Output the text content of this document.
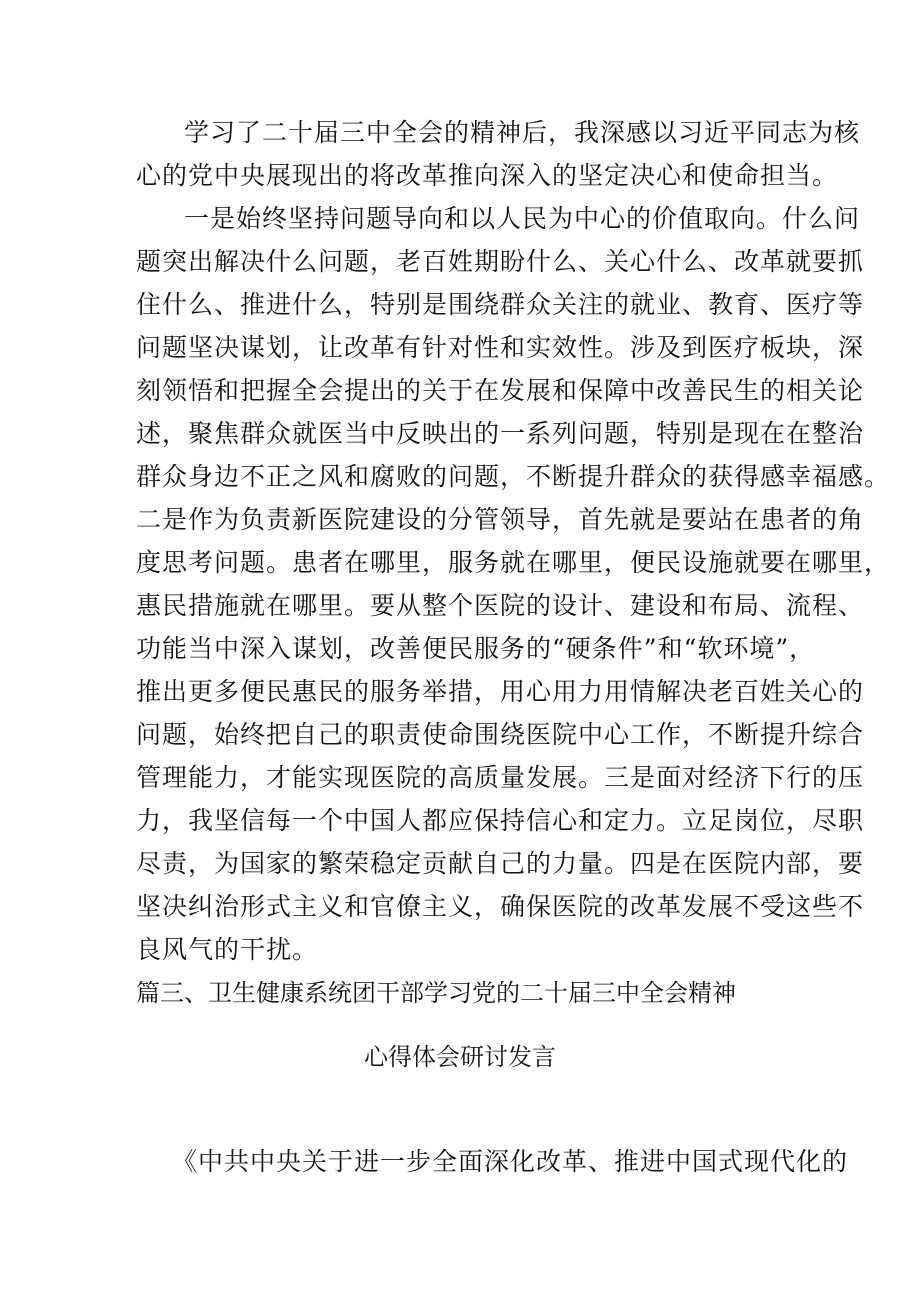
学习了二十届三中全会的精神后，我深感以习近平同志为核
心的党中央展现出的将改革推向深入的坚定决心和使命担当。
一是始终坚持问题导向和以人民为中心的价值取向。什么问
题突出解决什么问题，老百姓期盼什么、关心什么、改革就要抓
住什么、推进什么，特别是围绕群众关注的就业、教育、医疗等
问题坚决谋划，让改革有针对性和实效性。涉及到医疗板块，深
刻领悟和把握全会提出的关于在发展和保障中改善民生的相关论
述，聚焦群众就医当中反映出的一系列问题，特别是现在在整治
群众身边不正之风和腐败的问题，不断提升群众的获得感幸福感。
二是作为负责新医院建设的分管领导，首先就是要站在患者的角
度思考问题。患者在哪里，服务就在哪里，便民设施就要在哪里，
惠民措施就在哪里。要从整个医院的设计、建设和布局、流程、
功能当中深入谋划，改善便民服务的“硬条件”和“软环境”，
推出更多便民惠民的服务举措，用心用力用情解决老百姓关心的
问题，始终把自己的职责使命围绕医院中心工作，不断提升综合
管理能力，才能实现医院的高质量发展。三是面对经济下行的压
力，我坚信每一个中国人都应保持信心和定力。立足岗位，尽职
尽责，为国家的繁荣稳定贡献自己的力量。四是在医院内部，要
坚决纠治形式主义和官僚主义，确保医院的改革发展不受这些不
良风气的干扰。
篇三、卫生健康系统团干部学习党的二十届三中全会精神
心得体会研讨发言
《中共中央关于进一步全面深化改革、推进中国式现代化的
